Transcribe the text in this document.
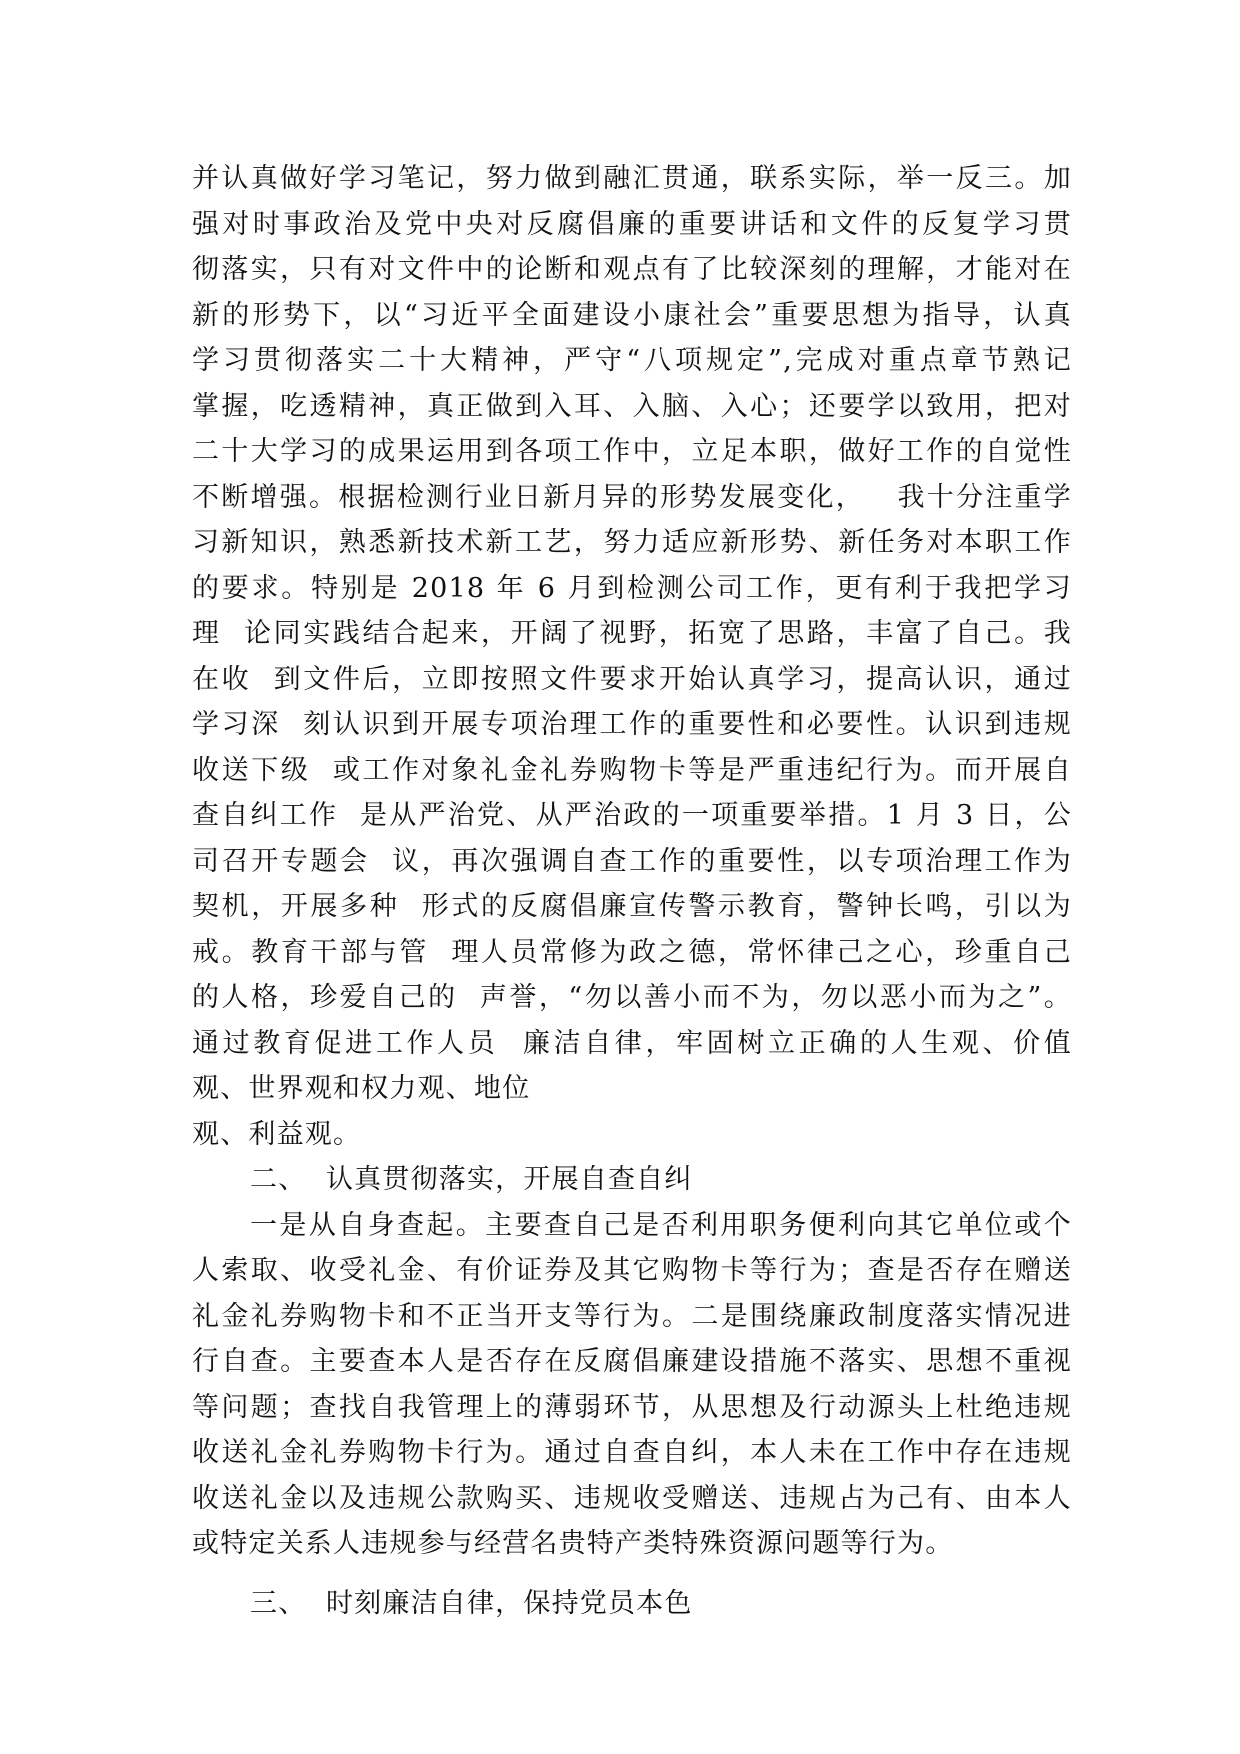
并认真做好学习笔记，努力做到融汇贯通，联系实际，举一反三。加
强对时事政治及党中央对反腐倡廉的重要讲话和文件的反复学习贯
彻落实，只有对文件中的论断和观点有了比较深刻的理解，才能对在
新的形势下，以“习近平全面建设小康社会”重要思想为指导，认真
学习贯彻落实二十大精神，严守“八项规定”,完成对重点章节熟记
掌握，吃透精神，真正做到入耳、入脑、入心；还要学以致用，把对
二十大学习的成果运用到各项工作中，立足本职，做好工作的自觉性
不断增强。根据检测行业日新月异的形势发展变化，   我十分注重学
习新知识，熟悉新技术新工艺，努力适应新形势、新任务对本职工作
的要求。特别是 2018 年 6 月到检测公司工作，更有利于我把学习
理  论同实践结合起来，开阔了视野，拓宽了思路，丰富了自己。我
在收  到文件后，立即按照文件要求开始认真学习，提高认识，通过
学习深  刻认识到开展专项治理工作的重要性和必要性。认识到违规
收送下级  或工作对象礼金礼券购物卡等是严重违纪行为。而开展自
查自纠工作  是从严治党、从严治政的一项重要举措。1 月 3 日，公
司召开专题会  议，再次强调自查工作的重要性，以专项治理工作为
契机，开展多种  形式的反腐倡廉宣传警示教育，警钟长鸣，引以为
戒。教育干部与管  理人员常修为政之德，常怀律己之心，珍重自己
的人格，珍爱自己的  声誉，“勿以善小而不为，勿以恶小而为之”。
通过教育促进工作人员  廉洁自律，牢固树立正确的人生观、价值
观、世界观和权力观、地位
观、利益观。
二、  认真贯彻落实，开展自查自纠
一是从自身查起。主要查自己是否利用职务便利向其它单位或个
人索取、收受礼金、有价证券及其它购物卡等行为；查是否存在赠送
礼金礼券购物卡和不正当开支等行为。二是围绕廉政制度落实情况进
行自查。主要查本人是否存在反腐倡廉建设措施不落实、思想不重视
等问题；查找自我管理上的薄弱环节，从思想及行动源头上杜绝违规
收送礼金礼券购物卡行为。通过自查自纠，本人未在工作中存在违规
收送礼金以及违规公款购买、违规收受赠送、违规占为己有、由本人
或特定关系人违规参与经营名贵特产类特殊资源问题等行为。
三、  时刻廉洁自律，保持党员本色
